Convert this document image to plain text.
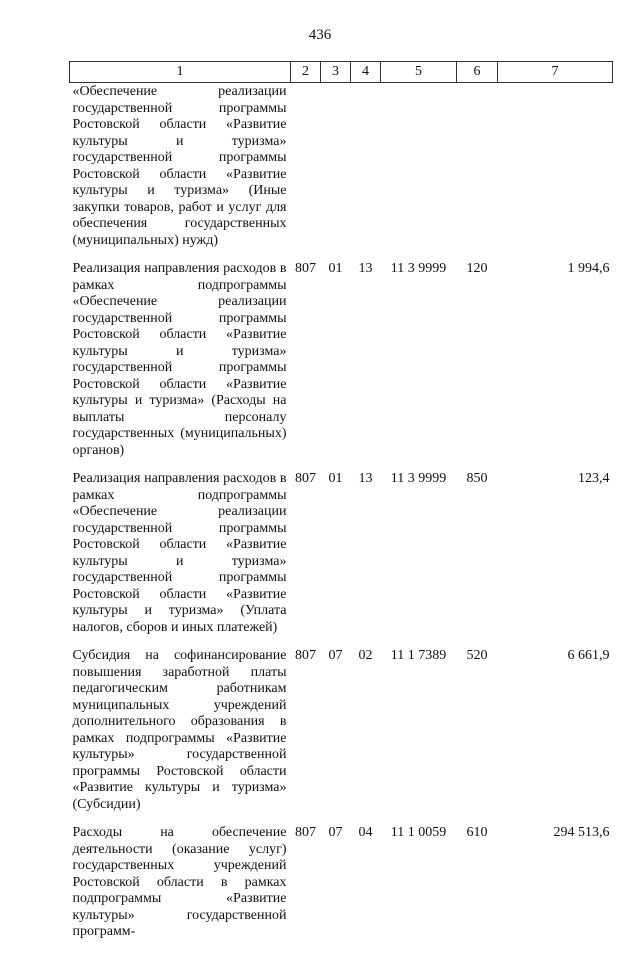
436
1	2	3	4	5	6	7
«Обеспечение реализации государственной программы Ростовской области «Развитие культуры и туризма» государственной программы Ростовской области «Развитие культуры и туризма» (Иные закупки товаров, работ и услуг для обеспечения государственных (муниципальных) нужд)						
Реализация направления расходов в рамках подпрограммы «Обеспечение реализации государственной программы Ростовской области «Развитие культуры и туризма» государственной программы Ростовской области «Развитие культуры и туризма» (Расходы на выплаты персоналу государственных (муниципальных) органов)	807	01	13	11 3 9999	120	1 994,6
Реализация направления расходов в рамках подпрограммы «Обеспечение реализации государственной программы Ростовской области «Развитие культуры и туризма» государственной программы Ростовской области «Развитие культуры и туризма» (Уплата налогов, сборов и иных платежей)	807	01	13	11 3 9999	850	123,4
Субсидия на софинансирование повышения заработной платы педагогическим работникам муниципальных учреждений дополнительного образования в рамках подпрограммы «Развитие культуры» государственной программы Ростовской области «Развитие культуры и туризма» (Субсидии)	807	07	02	11 1 7389	520	6 661,9
Расходы на обеспечение деятельности (оказание услуг) государственных учреждений Ростовской области в рамках подпрограммы «Развитие культуры» государственной программ-	807	07	04	11 1 0059	610	294 513,6
